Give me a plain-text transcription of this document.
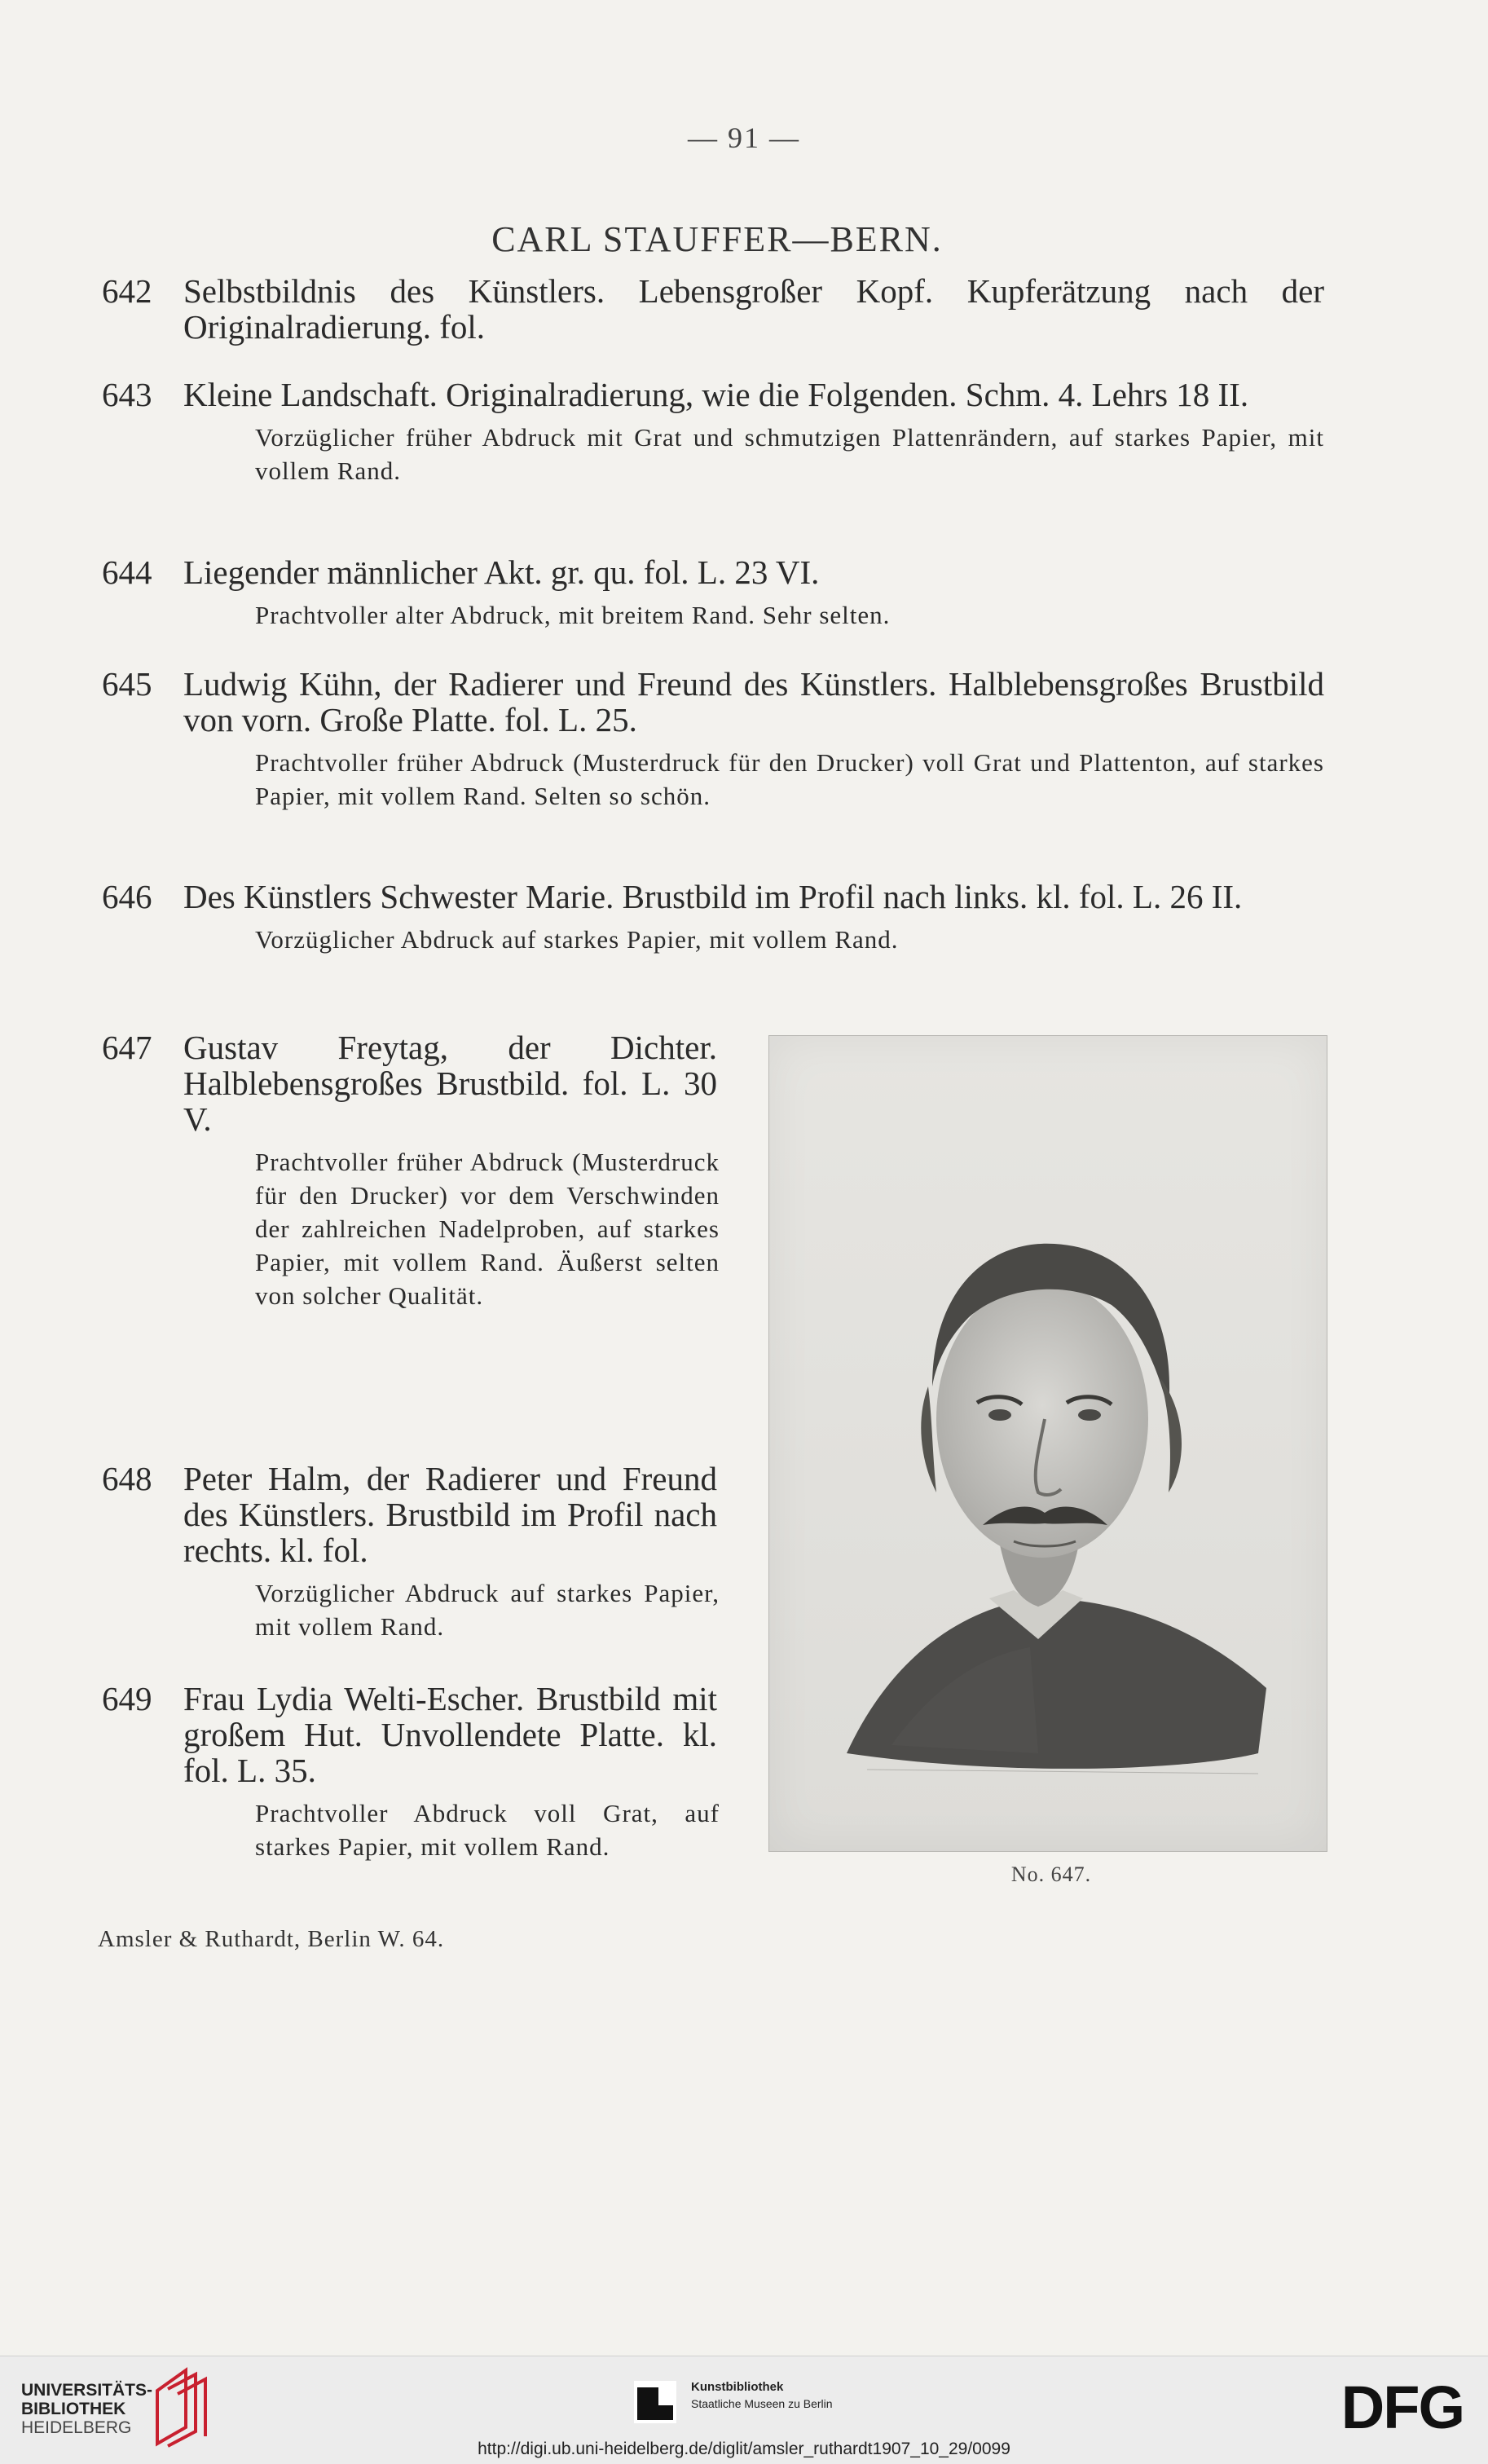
— 91 —
CARL STAUFFER—BERN.
642 Selbstbildnis des Künstlers. Lebensgroßer Kopf. Kupferätzung nach der Originalradierung. fol.
643 Kleine Landschaft. Originalradierung, wie die Folgenden. Schm. 4. Lehrs 18 II.
Vorzüglicher früher Abdruck mit Grat und schmutzigen Plattenrändern, auf starkes Papier, mit vollem Rand.
644 Liegender männlicher Akt. gr. qu. fol. L. 23 VI.
Prachtvoller alter Abdruck, mit breitem Rand. Sehr selten.
645 Ludwig Kühn, der Radierer und Freund des Künstlers. Halblebensgroßes Brustbild von vorn. Große Platte. fol. L. 25.
Prachtvoller früher Abdruck (Musterdruck für den Drucker) voll Grat und Plattenton, auf starkes Papier, mit vollem Rand. Selten so schön.
646 Des Künstlers Schwester Marie. Brustbild im Profil nach links. kl. fol. L. 26 II.
Vorzüglicher Abdruck auf starkes Papier, mit vollem Rand.
647 Gustav Freytag, der Dichter. Halblebensgroßes Brustbild. fol. L. 30 V.
Prachtvoller früher Abdruck (Musterdruck für den Drucker) vor dem Verschwinden der zahlreichen Nadelproben, auf starkes Papier, mit vollem Rand. Äußerst selten von solcher Qualität.
648 Peter Halm, der Radierer und Freund des Künstlers. Brustbild im Profil nach rechts. kl. fol.
Vorzüglicher Abdruck auf starkes Papier, mit vollem Rand.
649 Frau Lydia Welti-Escher. Brustbild mit großem Hut. Unvollendete Platte. kl. fol. L. 35.
Prachtvoller Abdruck voll Grat, auf starkes Papier, mit vollem Rand.
No. 647.
Amsler & Ruthardt, Berlin W. 64.
UNIVERSITÄTS-
BIBLIOTHEK
HEIDELBERG
Kunstbibliothek
Staatliche Museen zu Berlin	DFG
http://digi.ub.uni-heidelberg.de/diglit/amsler_ruthardt1907_10_29/0099
